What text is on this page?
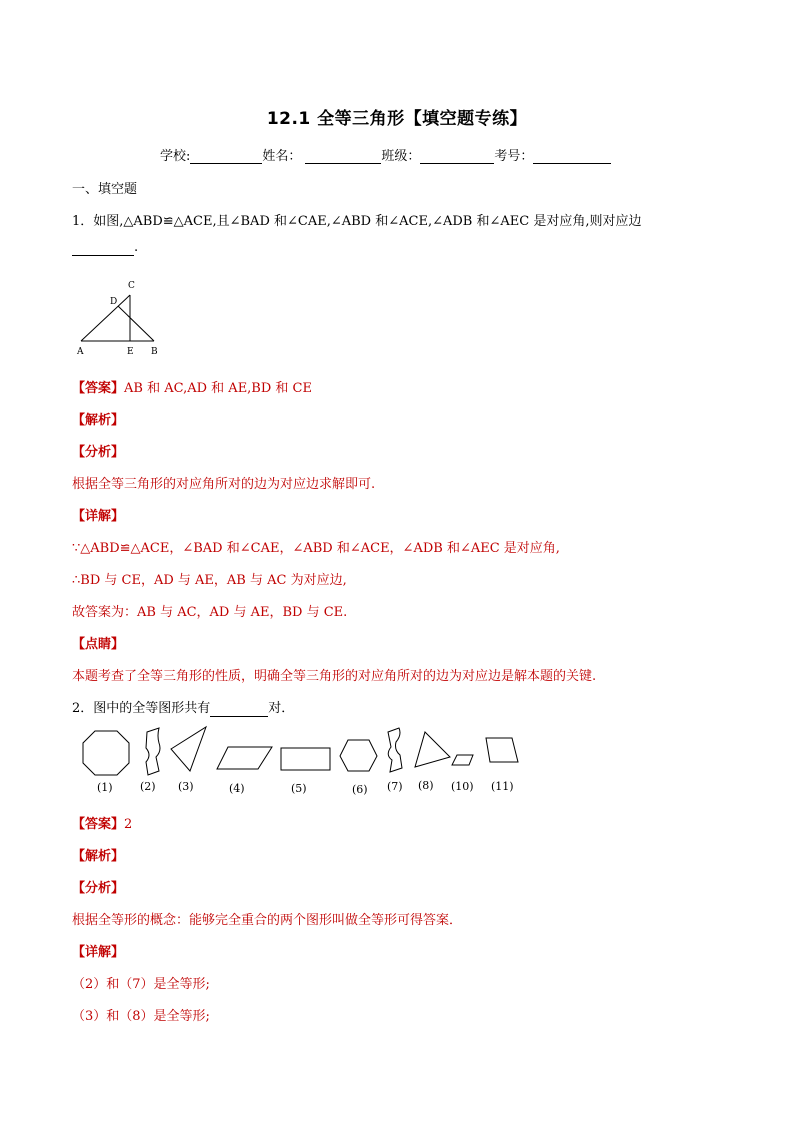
12.1 全等三角形【填空题专练】
学校:	姓名：	班级：	考号：
一、填空题
1．如图,△ABD≌△ACE,且∠BAD 和∠CAE,∠ABD 和∠ACE,∠ADB 和∠AEC 是对应角,则对应边
.
A	B
C
D
E
【答案】AB 和 AC,AD 和 AE,BD 和 CE
【解析】
【分析】
根据全等三角形的对应角所对的边为对应边求解即可.
【详解】
∵△ABD≌△ACE，∠BAD 和∠CAE，∠ABD 和∠ACE，∠ADB 和∠AEC 是对应角,
∴BD 与 CE，AD 与 AE，AB 与 AC 为对应边,
故答案为：AB 与 AC，AD 与 AE，BD 与 CE.
【点睛】
本题考查了全等三角形的性质，明确全等三角形的对应角所对的边为对应边是解本题的关键.
2．图中的全等图形共有	对．
(1) (2) (3)	(4)	(5)	(6) (7) (8) (10) (11)
【答案】2
【解析】
【分析】
根据全等形的概念：能够完全重合的两个图形叫做全等形可得答案．
【详解】
（2）和（7）是全等形;
（3）和（8）是全等形;
